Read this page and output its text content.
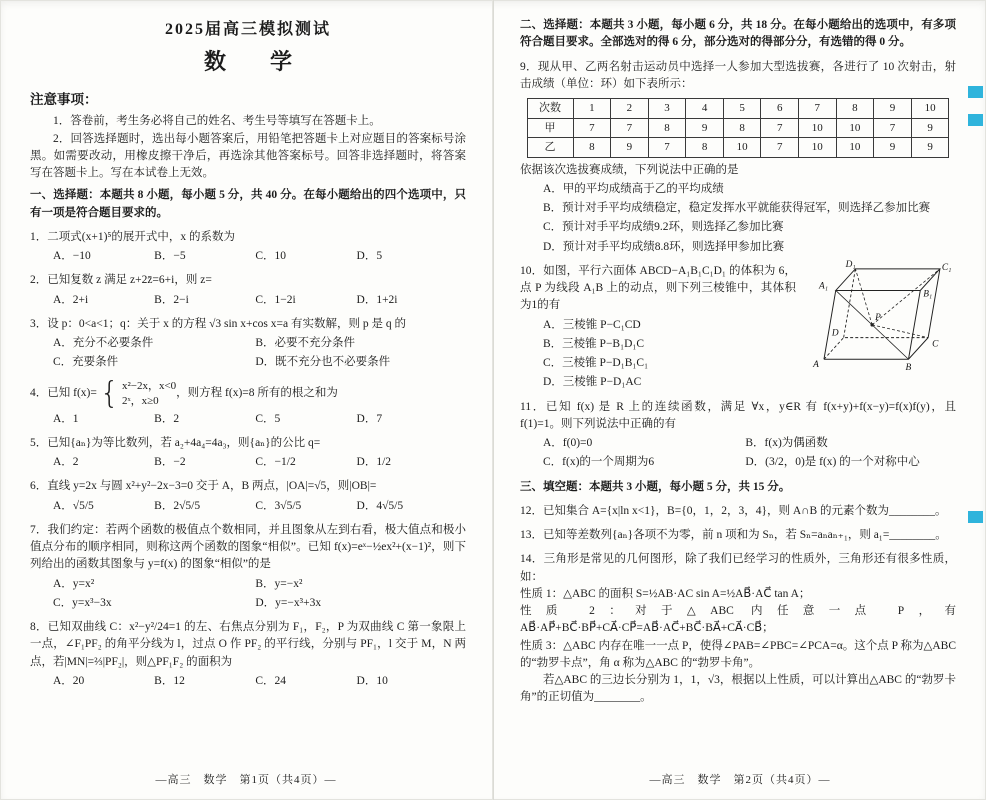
2025届高三模拟测试
数　　学
注意事项：

1．答卷前，考生务必将自己的姓名、考生号等填写在答题卡上。

2．回答选择题时，选出每小题答案后，用铅笔把答题卡上对应题目的答案标号涂黑。如需要改动，用橡皮擦干净后，再选涂其他答案标号。回答非选择题时，将答案写在答题卡上。写在本试卷上无效。

一、选择题：本题共 8 小题，每小题 5 分，共 40 分。在每小题给出的四个选项中，只有一项是符合题目要求的。

1．二项式(x+1)⁵的展开式中，x 的系数为

A．−10	B．−5	C．10	D．5

2．已知复数 z 满足 z+2z̄=6+i，则 z=

A．2+i	B．2−i	C．1−2i	D．1+2i

3．设 p：0<a<1；q：关于 x 的方程 √3 sin x+cos x=a 有实数解，则 p 是 q 的

A．充分不必要条件	B．必要不充分条件
C．充要条件	D．既不充分也不必要条件
4．已知 f(x)= { x²−2x，x<0
2ˣ，x≥0
，则方程 f(x)=8 所有的根之和为
A．1	B．2	C．5	D．7

5．已知{aₙ}为等比数列，若 a₂+4a₄=4a₃，则{aₙ}的公比 q=

A．2	B．−2	C．−1/2	D．1/2

6．直线 y=2x 与圆 x²+y²−2x−3=0 交于 A，B 两点，|OA|=√5，则|OB|=

A．√5/5	B．2√5/5	C．3√5/5	D．4√5/5

7．我们约定：若两个函数的极值点个数相同，并且图象从左到右看，极大值点和极小值点分布的顺序相同，则称这两个函数的图象“相似”。已知 f(x)=eˣ−½ex²+(x−1)²，则下列给出的函数其图象与 y=f(x) 的图象“相似”的是

A．y=x²	B．y=−x²
C．y=x³−3x	D．y=−x³+3x

8．已知双曲线 C：x²−y²/24=1 的左、右焦点分别为 F₁，F₂，P 为双曲线 C 第一象限上一点，∠F₁PF₂ 的角平分线为 l，过点 O 作 PF₂ 的平行线，分别与 PF₁，l 交于 M，N 两点，若|MN|=⅔|PF₂|，则△PF₁F₂ 的面积为

A．20	B．12	C．24	D．10
—高三　数学　第1页（共4页）—

二、选择题：本题共 3 小题，每小题 6 分，共 18 分。在每小题给出的选项中，有多项符合题目要求。全部选对的得 6 分，部分选对的得部分分，有选错的得 0 分。

9．现从甲、乙两名射击运动员中选择一人参加大型选拔赛，各进行了 10 次射击，射击成绩（单位：环）如下表所示：

次数	1	2	3	4	5	6	7	8	9	10
甲	7	7	8	9	8	7	10	10	7	9
乙	8	9	7	8	10	7	10	10	9	9

依据该次选拔赛成绩，下列说法中正确的是

A．甲的平均成绩高于乙的平均成绩

B．预计对手平均成绩稳定，稳定发挥水平就能获得冠军，则选择乙参加比赛

C．预计对手平均成绩9.2环，则选择乙参加比赛

D．预计对手平均成绩8.8环，则选择甲参加比赛

A	B
C
D
A₁
B₁
C₁
D₁
P

10．如图，平行六面体 ABCD−A₁B₁C₁D₁ 的体积为 6，点 P 为线段 A₁B 上的动点，则下列三棱锥中，其体积为1的有

A．三棱锥 P−C₁CD

B．三棱锥 P−B₁D₁C

C．三棱锥 P−D₁B₁C₁

D．三棱锥 P−D₁AC

11．已知 f(x) 是 R 上的连续函数，满足 ∀x，y∈R 有 f(x+y)+f(x−y)=f(x)f(y)，且 f(1)=1。则下列说法中正确的有

A．f(0)=0	B．f(x)为偶函数
C．f(x)的一个周期为6	D．(3/2，0)是 f(x) 的一个对称中心

三、填空题：本题共 3 小题，每小题 5 分，共 15 分。

12．已知集合 A={x|ln x<1}，B={0，1，2，3，4}，则 A∩B 的元素个数为________。

13．已知等差数列{aₙ}各项不为零，前 n 项和为 Sₙ，若 Sₙ=aₙaₙ₊₁，则 a₁=________。

14．三角形是常见的几何图形，除了我们已经学习的性质外，三角形还有很多性质，如：

性质 1：△ABC 的面积 S=½AB·AC sin A=½AB⃗·AC⃗ tan A；

性质 2：对于△ABC 内任意一点 P，有 AB⃗·AP⃗+BC⃗·BP⃗+CA⃗·CP⃗=AB⃗·AC⃗+BC⃗·BA⃗+CA⃗·CB⃗；

性质 3：△ABC 内存在唯一一点 P，使得∠PAB=∠PBC=∠PCA=α。这个点 P 称为△ABC 的“勃罗卡点”，角 α 称为△ABC 的“勃罗卡角”。

若△ABC 的三边长分别为 1，1，√3，根据以上性质，可以计算出△ABC 的“勃罗卡角”的正切值为________。

—高三　数学　第2页（共4页）—
